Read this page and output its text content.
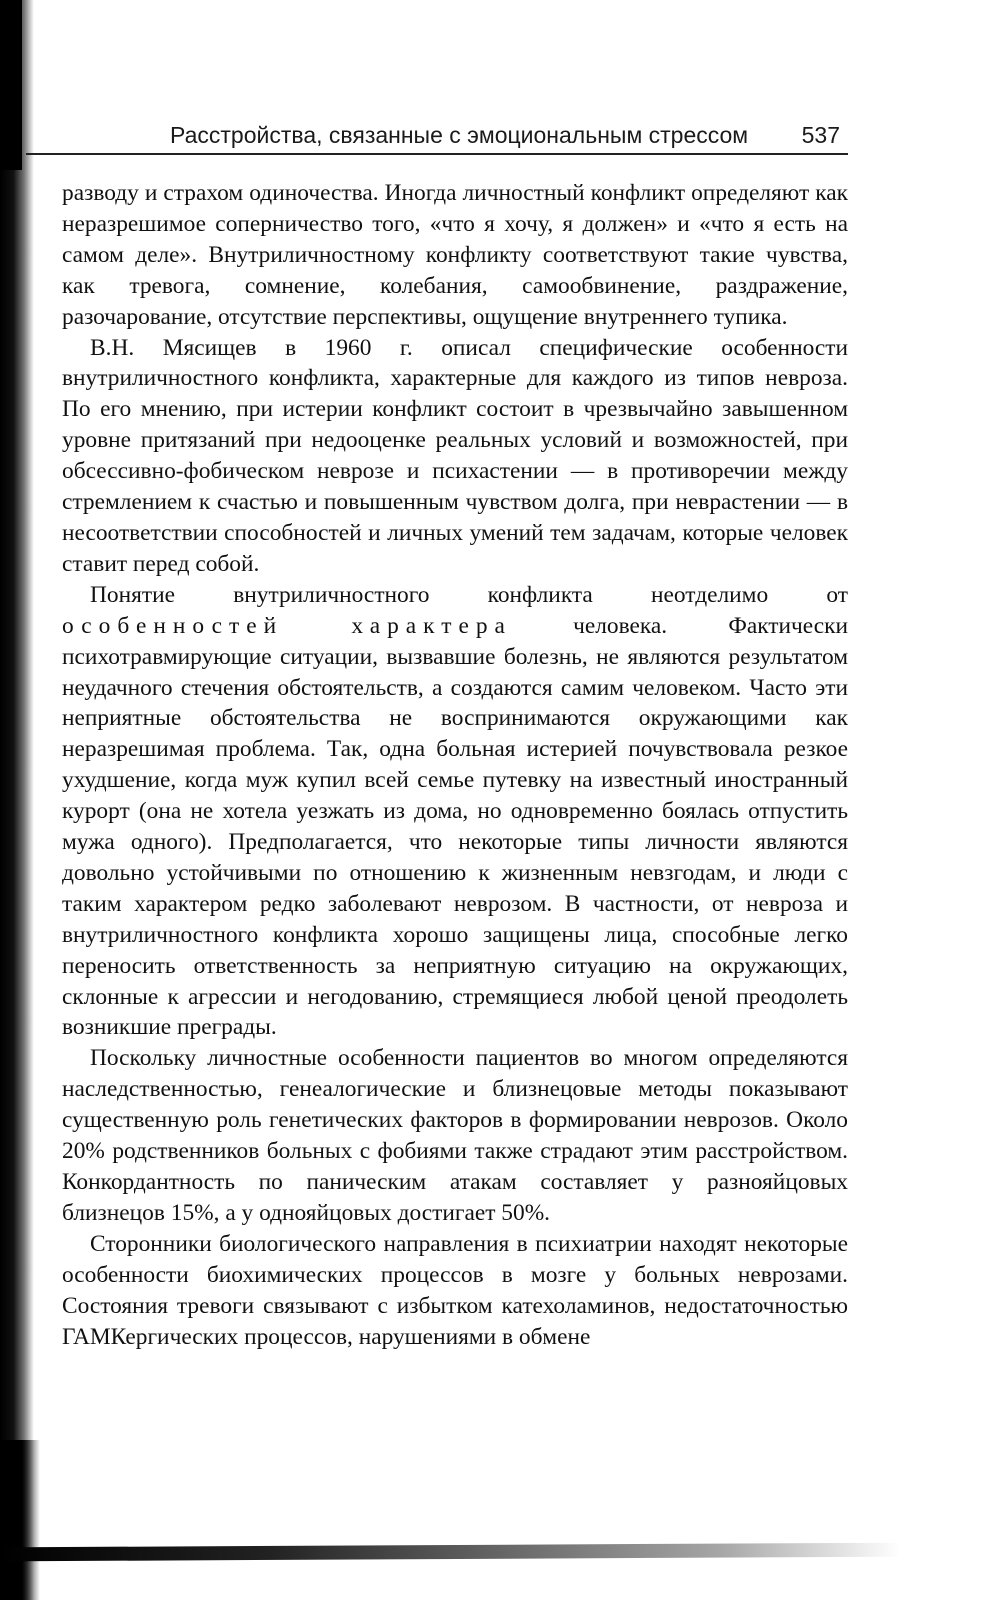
Расстройства, связанные с эмоциональным стрессом 537

разводу и страхом одиночества. Иногда личностный конфликт определяют как неразрешимое соперничество того, «что я хочу, я должен» и «что я есть на самом деле». Внутриличностному конфликту соответствуют такие чувства, как тревога, сомнение, колебания, самообвинение, раздражение, разочарование, отсутствие перспективы, ощущение внутреннего тупика.

В.Н. Мясищев в 1960 г. описал специфические особенности внутриличностного конфликта, характерные для каждого из типов невроза. По его мнению, при истерии конфликт состоит в чрезвычайно завышенном уровне притязаний при недооценке реальных условий и возможностей, при обсессивно-фобическом неврозе и психастении — в противоречии между стремлением к счастью и повышенным чувством долга, при неврастении — в несоответствии способностей и личных умений тем задачам, которые человек ставит перед собой.

Понятие внутриличностного конфликта неотделимо от особенностей характера человека. Фактически психотравмирующие ситуации, вызвавшие болезнь, не являются результатом неудачного стечения обстоятельств, а создаются самим человеком. Часто эти неприятные обстоятельства не воспринимаются окружающими как неразрешимая проблема. Так, одна больная истерией почувствовала резкое ухудшение, когда муж купил всей семье путевку на известный иностранный курорт (она не хотела уезжать из дома, но одновременно боялась отпустить мужа одного). Предполагается, что некоторые типы личности являются довольно устойчивыми по отношению к жизненным невзгодам, и люди с таким характером редко заболевают неврозом. В частности, от невроза и внутриличностного конфликта хорошо защищены лица, способные легко переносить ответственность за неприятную ситуацию на окружающих, склонные к агрессии и негодованию, стремящиеся любой ценой преодолеть возникшие преграды.

Поскольку личностные особенности пациентов во многом определяются наследственностью, генеалогические и близнецовые методы показывают существенную роль генетических факторов в формировании неврозов. Около 20% родственников больных с фобиями также страдают этим расстройством. Конкордантность по паническим атакам составляет у разнояйцовых близнецов 15%, а у однояйцовых достигает 50%.

Сторонники биологического направления в психиатрии находят некоторые особенности биохимических процессов в мозге у больных неврозами. Состояния тревоги связывают с избытком катехоламинов, недостаточностью ГАМКергических процессов, нарушениями в обмене
